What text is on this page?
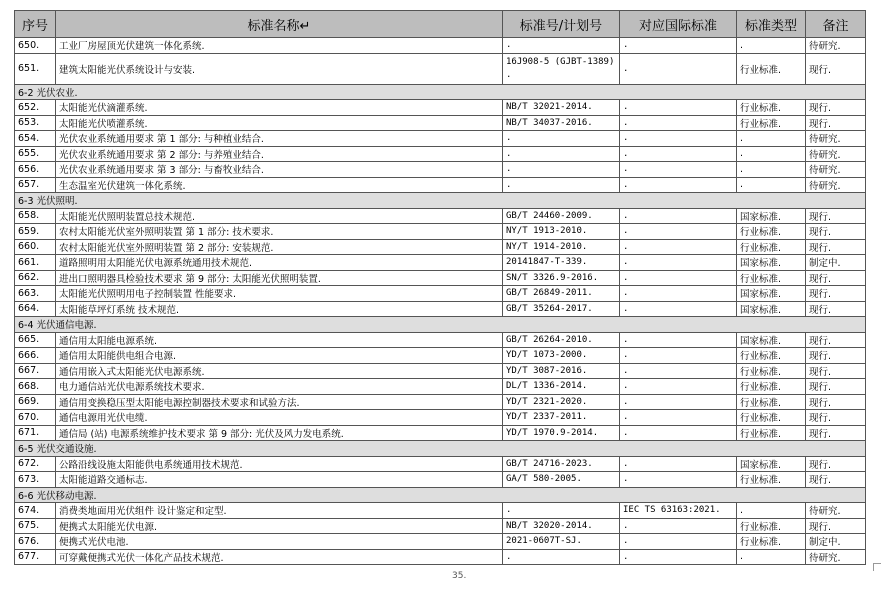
序号	标准名称↵	标准号/计划号	对应国际标准	标准类型	备注
650.	工业厂房屋顶光伏建筑一体化系统.	.	.	.	待研究.
651.	建筑太阳能光伏系统设计与安装.	16J908-5 (GJBT-1389) .	.	行业标准.	现行.
6-2 光伏农业.					
652.	太阳能光伏滴灌系统.	NB/T 32021-2014.	.	行业标准.	现行.
653.	太阳能光伏喷灌系统.	NB/T 34037-2016.	.	行业标准.	现行.
654.	光伏农业系统通用要求 第 1 部分: 与种植业结合.	.	.	.	待研究.
655.	光伏农业系统通用要求 第 2 部分: 与养殖业结合.	.	.	.	待研究.
656.	光伏农业系统通用要求 第 3 部分: 与畜牧业结合.	.	.	.	待研究.
657.	生态温室光伏建筑一体化系统.	.	.	.	待研究.
6-3 光伏照明.					
658.	太阳能光伏照明装置总技术规范.	GB/T 24460-2009.	.	国家标准.	现行.
659.	农村太阳能光伏室外照明装置 第 1 部分: 技术要求.	NY/T 1913-2010.	.	行业标准.	现行.
660.	农村太阳能光伏室外照明装置 第 2 部分: 安装规范.	NY/T 1914-2010.	.	行业标准.	现行.
661.	道路照明用太阳能光伏电源系统通用技术规范.	20141847-T-339.	.	国家标准.	制定中.
662.	进出口照明器具检验技术要求 第 9 部分: 太阳能光伏照明装置.	SN/T 3326.9-2016.	.	行业标准.	现行.
663.	太阳能光伏照明用电子控制装置 性能要求.	GB/T 26849-2011.	.	国家标准.	现行.
664.	太阳能草坪灯系统 技术规范.	GB/T 35264-2017.	.	国家标准.	现行.
6-4 光伏通信电源.					
665.	通信用太阳能电源系统.	GB/T 26264-2010.	.	国家标准.	现行.
666.	通信用太阳能供电组合电源.	YD/T 1073-2000.	.	行业标准.	现行.
667.	通信用嵌入式太阳能光伏电源系统.	YD/T 3087-2016.	.	行业标准.	现行.
668.	电力通信站光伏电源系统技术要求.	DL/T 1336-2014.	.	行业标准.	现行.
669.	通信用变换稳压型太阳能电源控制器技术要求和试验方法.	YD/T 2321-2020.	.	行业标准.	现行.
670.	通信电源用光伏电缆.	YD/T 2337-2011.	.	行业标准.	现行.
671.	通信局 (站) 电源系统维护技术要求 第 9 部分: 光伏及风力发电系统.	YD/T 1970.9-2014.	.	行业标准.	现行.
6-5 光伏交通设施.					
672.	公路沿线设施太阳能供电系统通用技术规范.	GB/T 24716-2023.	.	国家标准.	现行.
673.	太阳能道路交通标志.	GA/T 580-2005.	.	行业标准.	现行.
6-6 光伏移动电源.					
674.	消费类地面用光伏组件 设计鉴定和定型.	.	IEC TS 63163:2021.	.	待研究.
675.	便携式太阳能光伏电源.	NB/T 32020-2014.	.	行业标准.	现行.
676.	便携式光伏电池.	2021-0607T-SJ.	.	行业标准.	制定中.
677.	可穿戴便携式光伏一体化产品技术规范.	.	.	.	待研究.
35.
